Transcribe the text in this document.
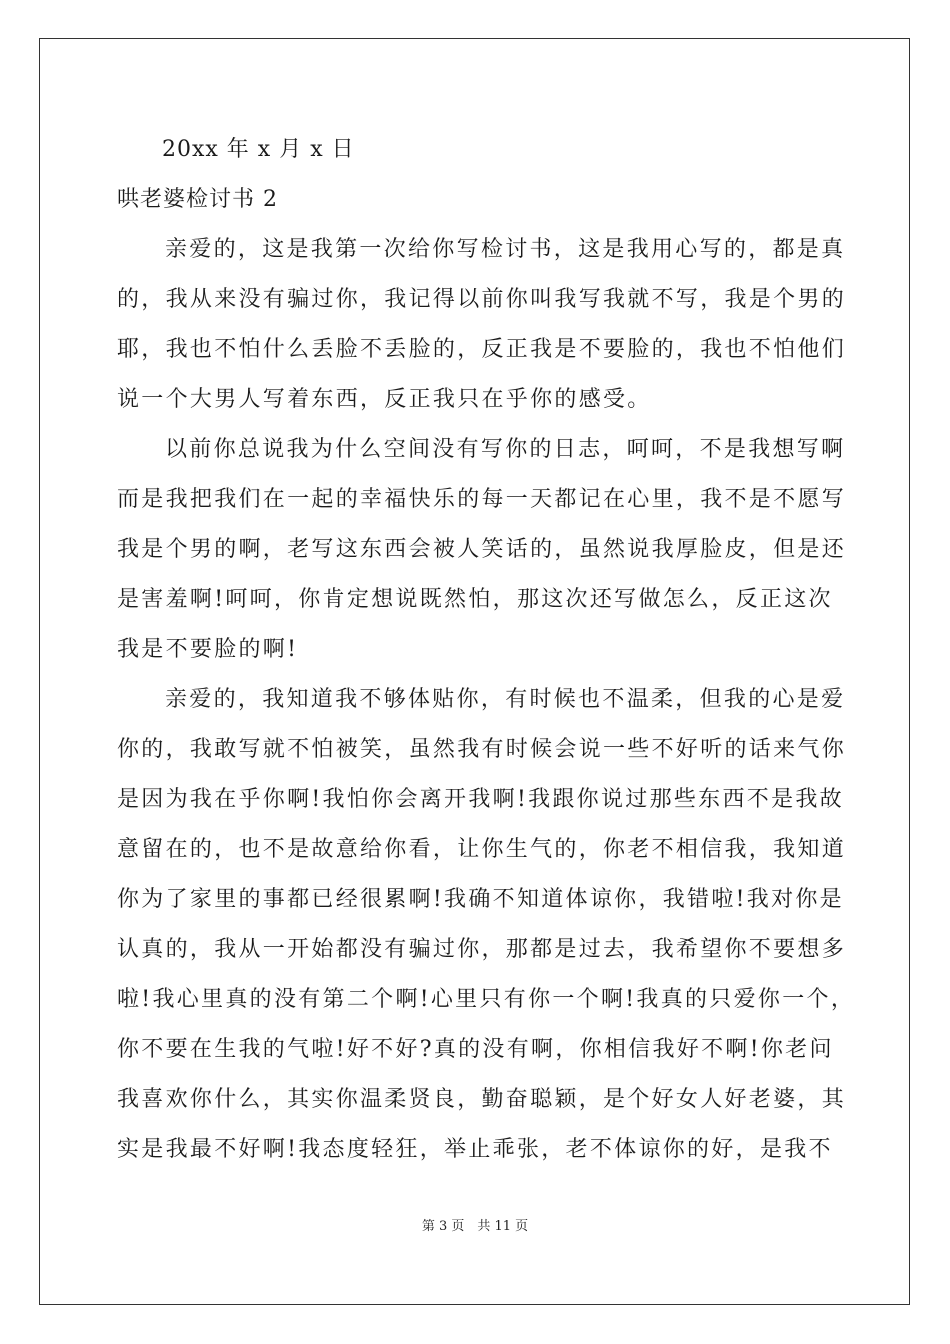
20xx 年 x 月 x 日
哄老婆检讨书 2
亲爱的，这是我第一次给你写检讨书，这是我用心写的，都是真
的，我从来没有骗过你，我记得以前你叫我写我就不写，我是个男的
耶，我也不怕什么丢脸不丢脸的，反正我是不要脸的，我也不怕他们
说一个大男人写着东西，反正我只在乎你的感受。
以前你总说我为什么空间没有写你的日志，呵呵，不是我想写啊
而是我把我们在一起的幸福快乐的每一天都记在心里，我不是不愿写
我是个男的啊，老写这东西会被人笑话的，虽然说我厚脸皮，但是还
是害羞啊!呵呵，你肯定想说既然怕，那这次还写做怎么，反正这次
我是不要脸的啊!
亲爱的，我知道我不够体贴你，有时候也不温柔，但我的心是爱
你的，我敢写就不怕被笑，虽然我有时候会说一些不好听的话来气你
是因为我在乎你啊!我怕你会离开我啊!我跟你说过那些东西不是我故
意留在的，也不是故意给你看，让你生气的，你老不相信我，我知道
你为了家里的事都已经很累啊!我确不知道体谅你，我错啦!我对你是
认真的，我从一开始都没有骗过你，那都是过去，我希望你不要想多
啦!我心里真的没有第二个啊!心里只有你一个啊!我真的只爱你一个，
你不要在生我的气啦!好不好?真的没有啊，你相信我好不啊!你老问
我喜欢你什么，其实你温柔贤良，勤奋聪颖，是个好女人好老婆，其
实是我最不好啊!我态度轻狂，举止乖张，老不体谅你的好，是我不
第 3 页　共 11 页
